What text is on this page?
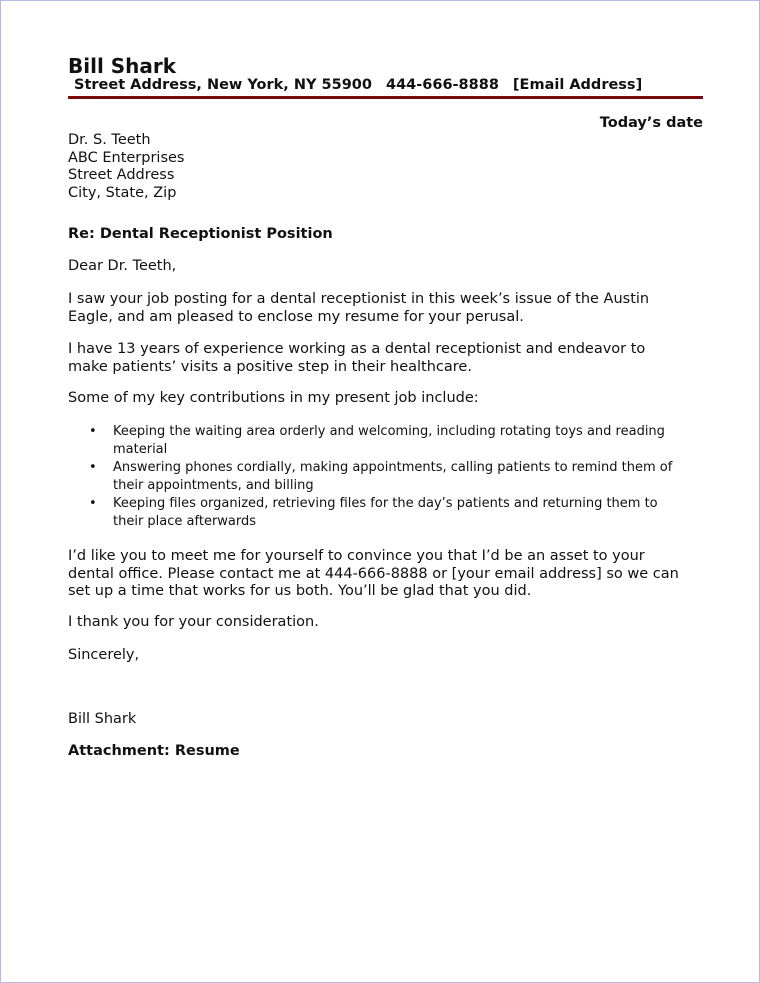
Bill Shark
Street Address, New York, NY 55900 444-666-8888 [Email Address]
Today’s date
Dr. S. Teeth
ABC Enterprises
Street Address
City, State, Zip
Re: Dental Receptionist Position
Dear Dr. Teeth,
I saw your job posting for a dental receptionist in this week’s issue of the Austin
Eagle, and am pleased to enclose my resume for your perusal.
I have 13 years of experience working as a dental receptionist and endeavor to
make patients’ visits a positive step in their healthcare.
Some of my key contributions in my present job include:
• Keeping the waiting area orderly and welcoming, including rotating toys and reading
material
• Answering phones cordially, making appointments, calling patients to remind them of
their appointments, and billing
• Keeping files organized, retrieving files for the day’s patients and returning them to
their place afterwards
I’d like you to meet me for yourself to convince you that I’d be an asset to your
dental office. Please contact me at 444-666-8888 or [your email address] so we can
set up a time that works for us both. You’ll be glad that you did.
I thank you for your consideration.
Sincerely,
Bill Shark
Attachment: Resume
